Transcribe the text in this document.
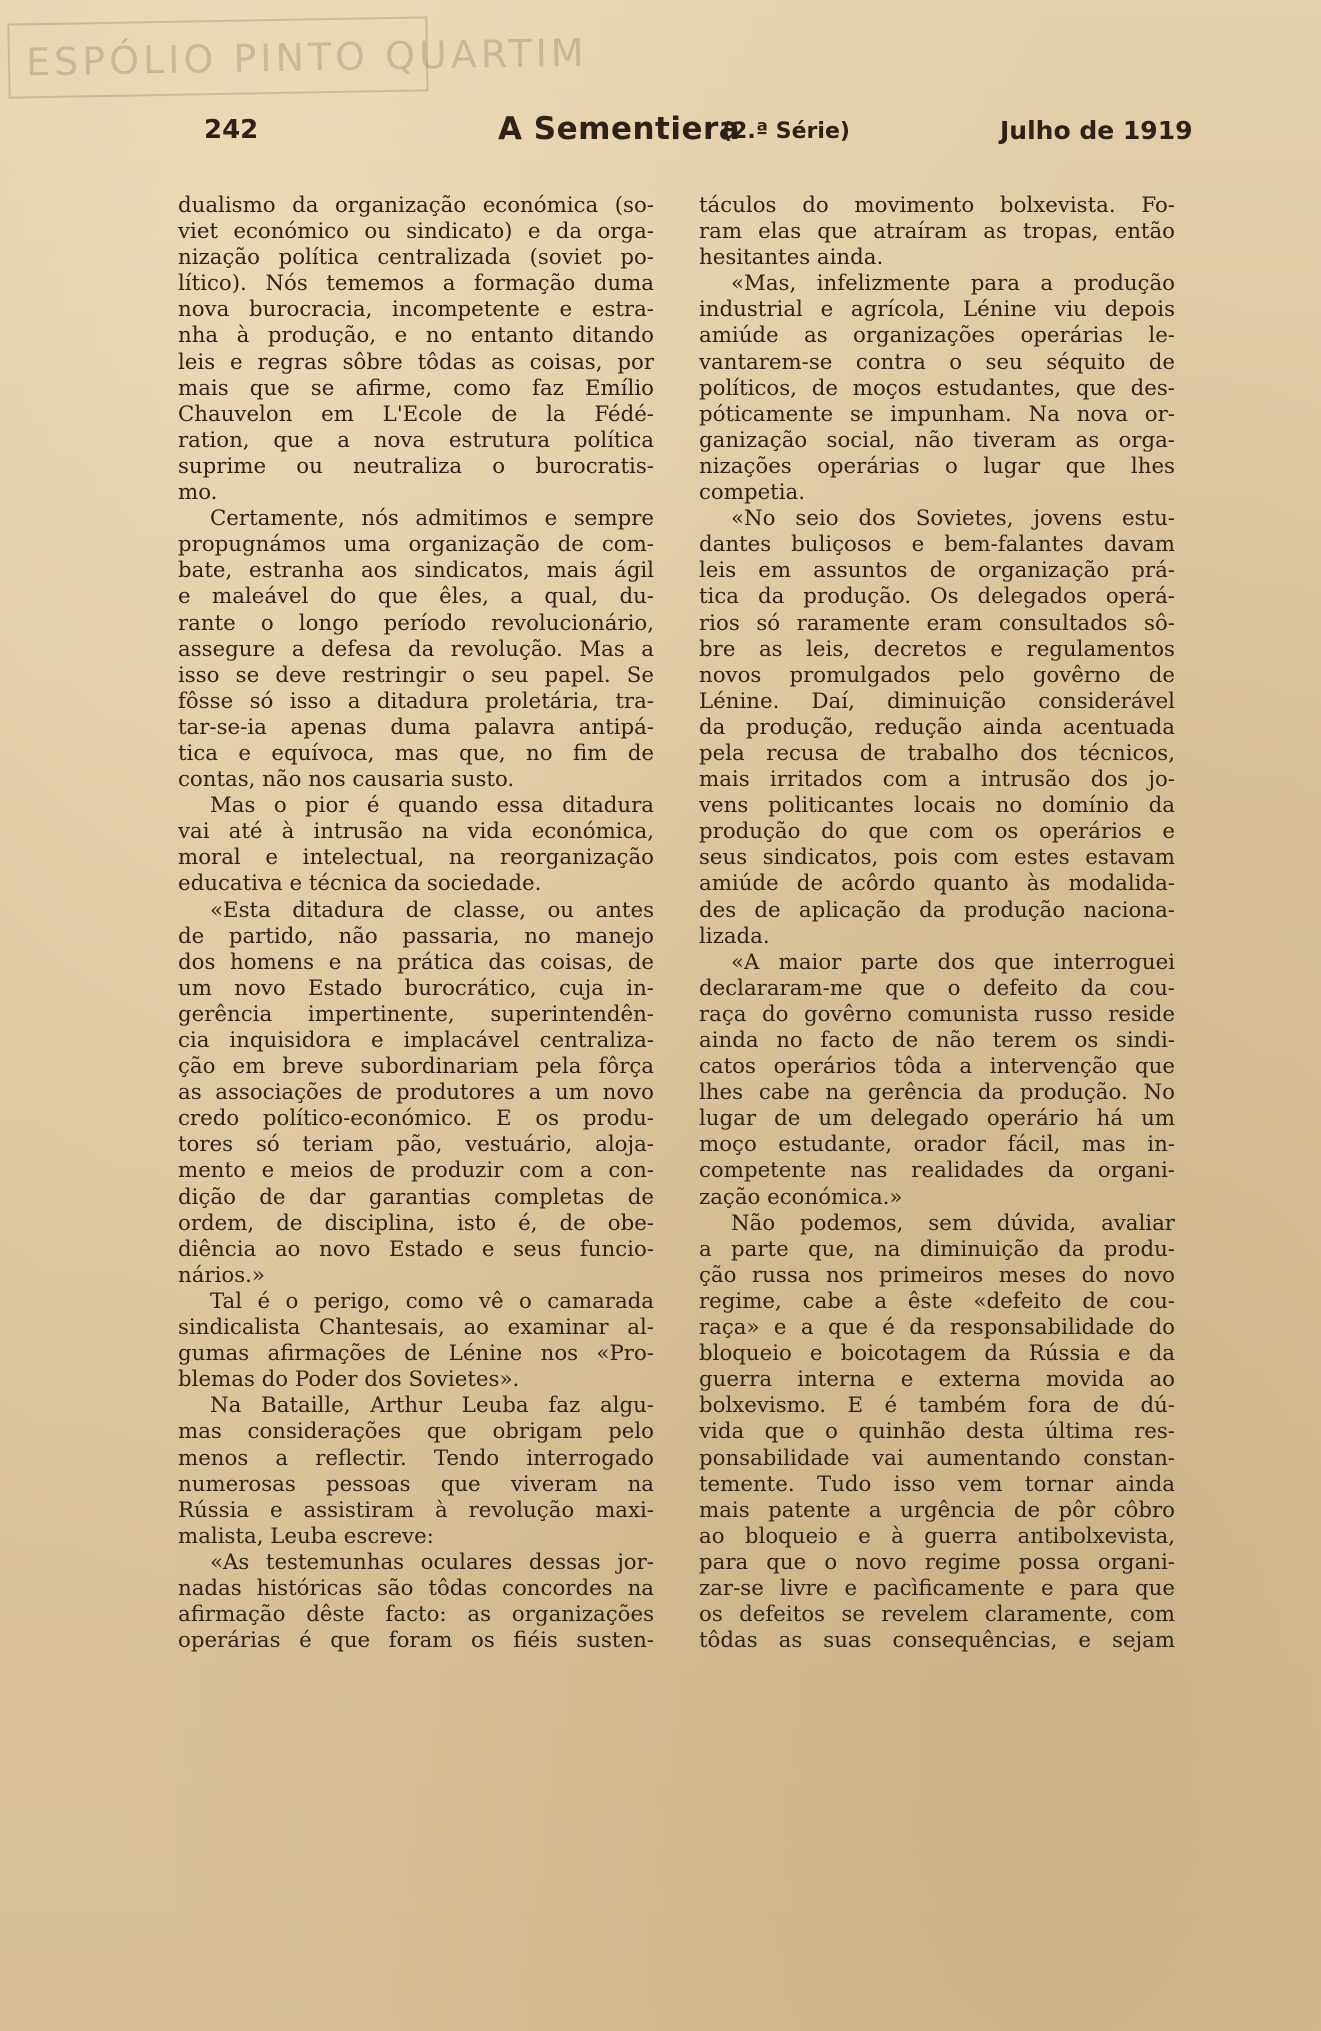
ESPÓLIO PINTO QUARTIM
242	A Sementiera
(2.ª Série)	Julho de 1919
dualismo da organização económica (so-
viet económico ou sindicato) e da orga-
nização política centralizada (soviet po-
lítico). Nós tememos a formação duma
nova burocracia, incompetente e estra-
nha à produção, e no entanto ditando
leis e regras sôbre tôdas as coisas, por
mais que se afirme, como faz Emílio
Chauvelon em L'Ecole de la Fédé-
ration, que a nova estrutura política
suprime ou neutraliza o burocratis-
mo.
Certamente, nós admitimos e sempre
propugnámos uma organização de com-
bate, estranha aos sindicatos, mais ágil
e maleável do que êles, a qual, du-
rante o longo período revolucionário,
assegure a defesa da revolução. Mas a
isso se deve restringir o seu papel. Se
fôsse só isso a ditadura proletária, tra-
tar-se-ia apenas duma palavra antipá-
tica e equívoca, mas que, no fim de
contas, não nos causaria susto.
Mas o pior é quando essa ditadura
vai até à intrusão na vida económica,
moral e intelectual, na reorganização
educativa e técnica da sociedade.
«Esta ditadura de classe, ou antes
de partido, não passaria, no manejo
dos homens e na prática das coisas, de
um novo Estado burocrático, cuja in-
gerência impertinente, superintendên-
cia inquisidora e implacável centraliza-
ção em breve subordinariam pela fôrça
as associações de produtores a um novo
credo político-económico. E os produ-
tores só teriam pão, vestuário, aloja-
mento e meios de produzir com a con-
dição de dar garantias completas de
ordem, de disciplina, isto é, de obe-
diência ao novo Estado e seus funcio-
nários.»
Tal é o perigo, como vê o camarada
sindicalista Chantesais, ao examinar al-
gumas afirmações de Lénine nos «Pro-
blemas do Poder dos Sovietes».
Na Bataille, Arthur Leuba faz algu-
mas considerações que obrigam pelo
menos a reflectir. Tendo interrogado
numerosas pessoas que viveram na
Rússia e assistiram à revolução maxi-
malista, Leuba escreve:
«As testemunhas oculares dessas jor-
nadas históricas são tôdas concordes na
afirmação dêste facto: as organizações
operárias é que foram os fiéis susten-
táculos do movimento bolxevista. Fo-
ram elas que atraíram as tropas, então
hesitantes ainda.
«Mas, infelizmente para a produção
industrial e agrícola, Lénine viu depois
amiúde as organizações operárias le-
vantarem-se contra o seu séquito de
políticos, de moços estudantes, que des-
póticamente se impunham. Na nova or-
ganização social, não tiveram as orga-
nizações operárias o lugar que lhes
competia.
«No seio dos Sovietes, jovens estu-
dantes buliçosos e bem-falantes davam
leis em assuntos de organização prá-
tica da produção. Os delegados operá-
rios só raramente eram consultados sô-
bre as leis, decretos e regulamentos
novos promulgados pelo govêrno de
Lénine. Daí, diminuição considerável
da produção, redução ainda acentuada
pela recusa de trabalho dos técnicos,
mais irritados com a intrusão dos jo-
vens politicantes locais no domínio da
produção do que com os operários e
seus sindicatos, pois com estes estavam
amiúde de acôrdo quanto às modalida-
des de aplicação da produção naciona-
lizada.
«A maior parte dos que interroguei
declararam-me que o defeito da cou-
raça do govêrno comunista russo reside
ainda no facto de não terem os sindi-
catos operários tôda a intervenção que
lhes cabe na gerência da produção. No
lugar de um delegado operário há um
moço estudante, orador fácil, mas in-
competente nas realidades da organi-
zação económica.»
Não podemos, sem dúvida, avaliar
a parte que, na diminuição da produ-
ção russa nos primeiros meses do novo
regime, cabe a êste «defeito de cou-
raça» e a que é da responsabilidade do
bloqueio e boicotagem da Rússia e da
guerra interna e externa movida ao
bolxevismo. E é também fora de dú-
vida que o quinhão desta última res-
ponsabilidade vai aumentando constan-
temente. Tudo isso vem tornar ainda
mais patente a urgência de pôr côbro
ao bloqueio e à guerra antibolxevista,
para que o novo regime possa organi-
zar-se livre e pacìficamente e para que
os defeitos se revelem claramente, com
tôdas as suas consequências, e sejam
